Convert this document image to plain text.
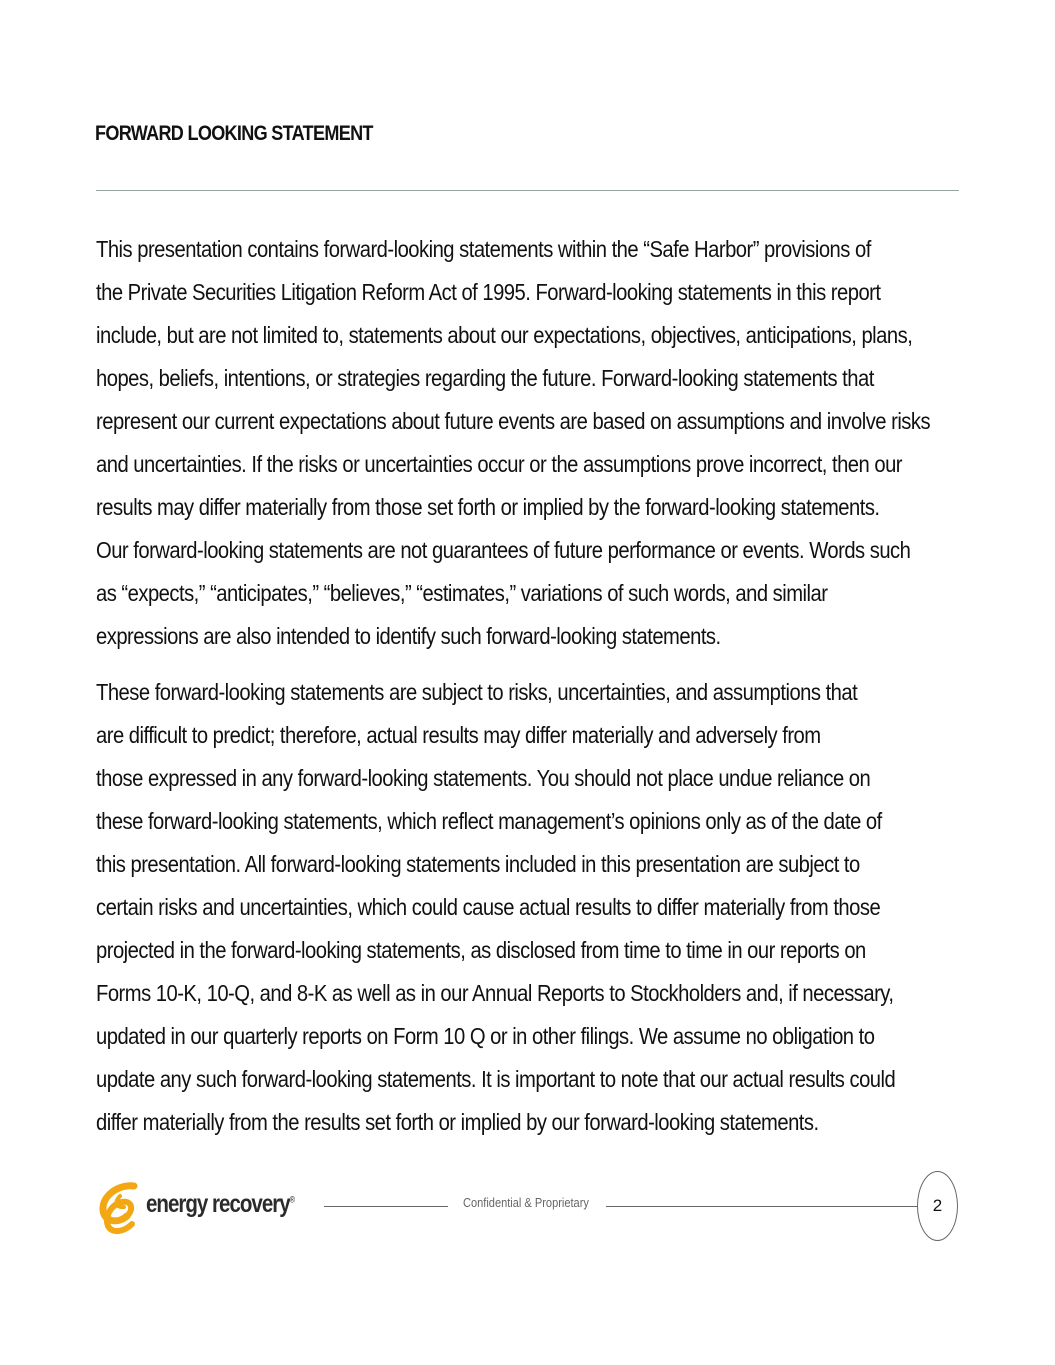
FORWARD LOOKING STATEMENT

This presentation contains forward-looking statements within the “Safe Harbor” provisions of
the Private Securities Litigation Reform Act of 1995. Forward-looking statements in this report
include, but are not limited to, statements about our expectations, objectives, anticipations, plans,
hopes, beliefs, intentions, or strategies regarding the future. Forward-looking statements that
represent our current expectations about future events are based on assumptions and involve risks
and uncertainties. If the risks or uncertainties occur or the assumptions prove incorrect, then our
results may differ materially from those set forth or implied by the forward-looking statements.
Our forward-looking statements are not guarantees of future performance or events. Words such
as “expects,” “anticipates,” “believes,” “estimates,” variations of such words, and similar
expressions are also intended to identify such forward-looking statements.

These forward-looking statements are subject to risks, uncertainties, and assumptions that
are difficult to predict; therefore, actual results may differ materially and adversely from
those expressed in any forward-looking statements. You should not place undue reliance on
these forward-looking statements, which reflect management’s opinions only as of the date of
this presentation. All forward-looking statements included in this presentation are subject to
certain risks and uncertainties, which could cause actual results to differ materially from those
projected in the forward-looking statements, as disclosed from time to time in our reports on
Forms 10-K, 10-Q, and 8-K as well as in our Annual Reports to Stockholders and, if necessary,
updated in our quarterly reports on Form 10 Q or in other filings. We assume no obligation to
update any such forward-looking statements. It is important to note that our actual results could
differ materially from the results set forth or implied by our forward-looking statements.

energy recovery®	Confidential & Proprietary	2
